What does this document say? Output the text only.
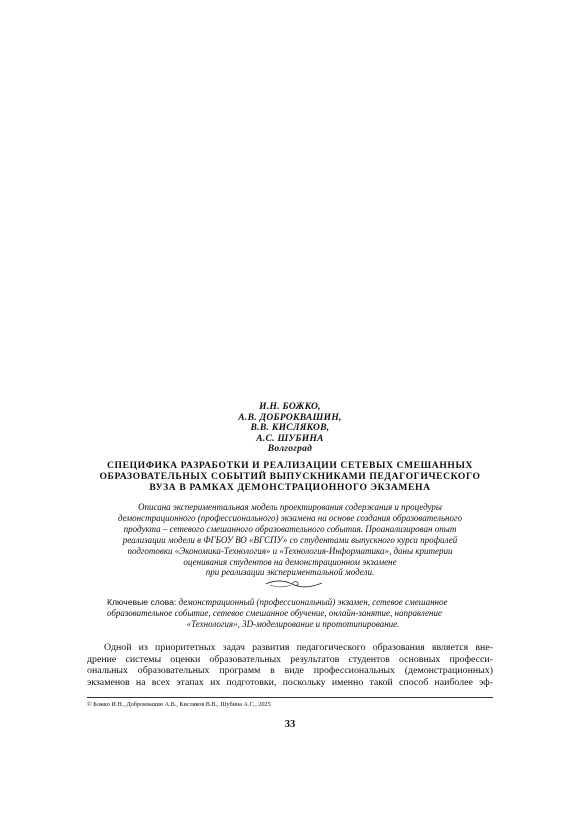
И.Н. БОЖКО,
А.В. ДОБРОКВАШИН,
В.В. КИСЛЯКОВ,
А.С. ШУБИНА
Волгоград
СПЕЦИФИКА РАЗРАБОТКИ И РЕАЛИЗАЦИИ СЕТЕВЫХ СМЕШАННЫХ
ОБРАЗОВАТЕЛЬНЫХ СОБЫТИЙ ВЫПУСКНИКАМИ ПЕДАГОГИЧЕСКОГО
ВУЗА В РАМКАХ ДЕМОНСТРАЦИОННОГО ЭКЗАМЕНА
Описана экспериментальная модель проектирования содержания и процедуры
демонстрационного (профессионального) экзамена на основе создания образовательного
продукта – сетевого смешанного образовательного события. Проанализирован опыт
реализации модели в ФГБОУ ВО «ВГСПУ» со студентами выпускного курса профилей
подготовки «Экономика-Технология» и «Технология-Информатика», даны критерии
оценивания студентов на демонстрационном экзамене
при реализации экспериментальной модели.
Ключевые слова: демонстрационный (профессиональный) экзамен, сетевое смешанное
образовательное событие, сетевое смешанное обучение, онлайн-занятие, направление
«Технология», 3D-моделирование и прототипирование.
Одной из приоритетных задач развития педагогического образования является вне-
дрение системы оценки образовательных результатов студентов основных професси-
ональных образовательных программ в виде профессиональных (демонстрационных)
экзаменов на всех этапах их подготовки, поскольку именно такой способ наиболее эф-
© Божко И.Н., Доброквашин А.В., Кисляков В.В., Шубина А.С., 2025
33
